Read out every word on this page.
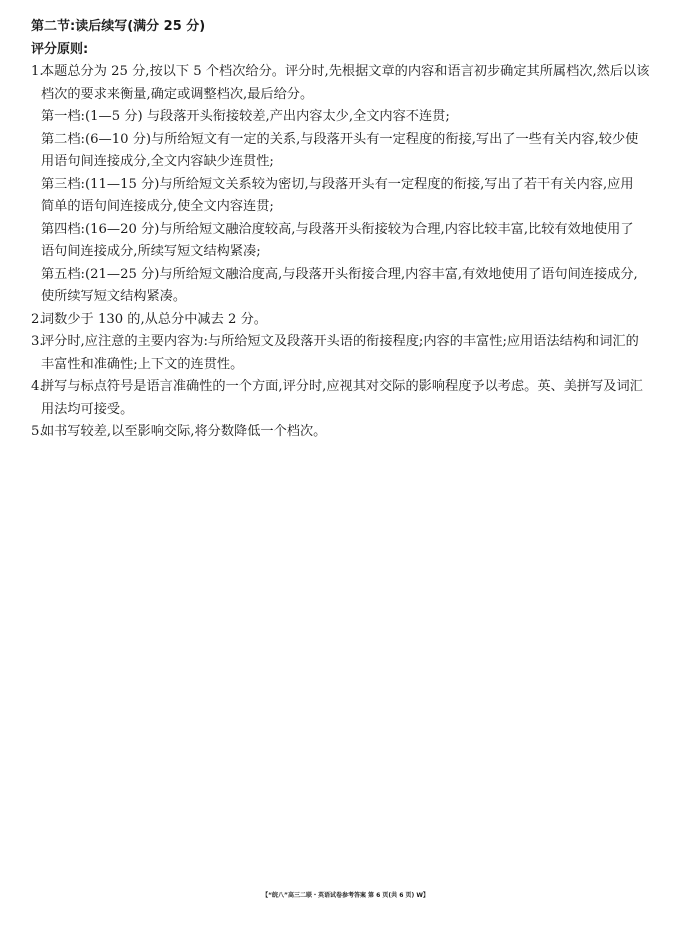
第二节:读后续写(满分 25 分)
评分原则:
1.
本题总分为 25 分,按以下 5 个档次给分。评分时,先根据文章的内容和语言初步确定其所属档次,然后以该
档次的要求来衡量,确定或调整档次,最后给分。
第一档:(1—5 分) 与段落开头衔接较差,产出内容太少,全文内容不连贯;
第二档:(6—10 分)与所给短文有一定的关系,与段落开头有一定程度的衔接,写出了一些有关内容,较少使
用语句间连接成分,全文内容缺少连贯性;
第三档:(11—15 分)与所给短文关系较为密切,与段落开头有一定程度的衔接,写出了若干有关内容,应用
简单的语句间连接成分,使全文内容连贯;
第四档:(16—20 分)与所给短文融洽度较高,与段落开头衔接较为合理,内容比较丰富,比较有效地使用了
语句间连接成分,所续写短文结构紧凑;
第五档:(21—25 分)与所给短文融洽度高,与段落开头衔接合理,内容丰富,有效地使用了语句间连接成分,
使所续写短文结构紧凑。
2.
词数少于 130 的,从总分中减去 2 分。
3.
评分时,应注意的主要内容为:与所给短文及段落开头语的衔接程度;内容的丰富性;应用语法结构和词汇的
丰富性和准确性;上下文的连贯性。
4.
拼写与标点符号是语言准确性的一个方面,评分时,应视其对交际的影响程度予以考虑。英、美拼写及词汇
用法均可接受。
5.
如书写较差,以至影响交际,将分数降低一个档次。
【“皖八”高三二联・英语试卷参考答案 第 6 页(共 6 页) W】
